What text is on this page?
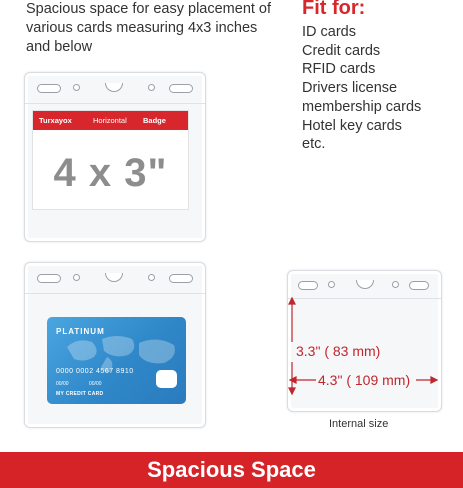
Spacious space for easy placement of various cards measuring 4x3 inches and below
Fit for:
ID cards
Credit cards
RFID cards
Drivers license
membership cards
Hotel key cards
etc.
Turxayox	Horizontal Badge Holder
4 x 3"
PLATINUM
0000 0002 4567 8910
00/00	00/00
MY CREDIT CARD
3.3" ( 83 mm)
4.3" ( 109 mm)
Internal size
Spacious Space
